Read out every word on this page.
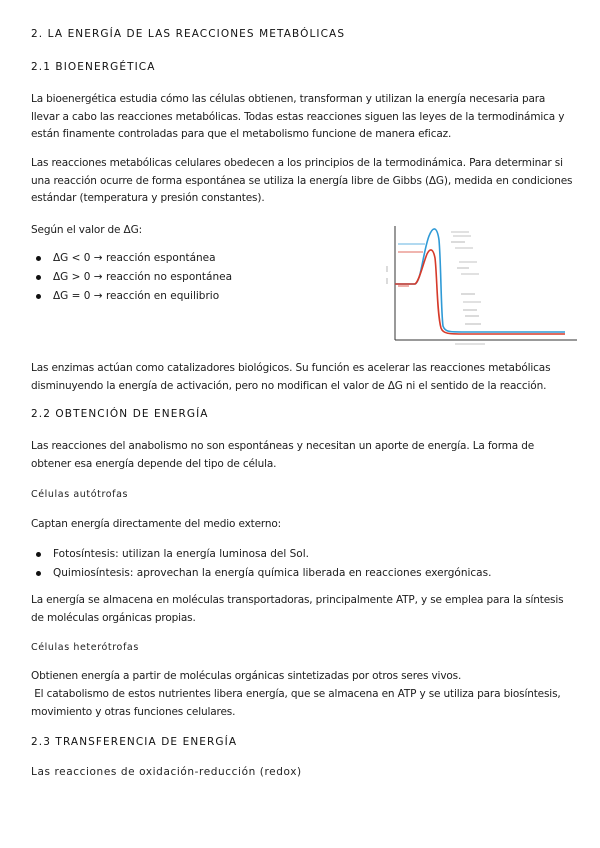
2. LA ENERGÍA DE LAS REACCIONES METABÓLICAS
2.1 BIOENERGÉTICA

La bioenergética estudia cómo las células obtienen, transforman y utilizan la energía necesaria para llevar a cabo las reacciones metabólicas. Todas estas reacciones siguen las leyes de la termodinámica y están finamente controladas para que el metabolismo funcione de manera eficaz.

Las reacciones metabólicas celulares obedecen a los principios de la termodinámica. Para determinar si una reacción ocurre de forma espontánea se utiliza la energía libre de Gibbs (ΔG), medida en condiciones estándar (temperatura y presión constantes).

Según el valor de ΔG:

ΔG < 0 → reacción espontánea
ΔG > 0 → reacción no espontánea
ΔG = 0 → reacción en equilibrio

Las enzimas actúan como catalizadores biológicos. Su función es acelerar las reacciones metabólicas disminuyendo la energía de activación, pero no modifican el valor de ΔG ni el sentido de la reacción.

2.2 OBTENCIÓN DE ENERGÍA

Las reacciones del anabolismo no son espontáneas y necesitan un aporte de energía. La forma de obtener esa energía depende del tipo de célula.

Células autótrofas

Captan energía directamente del medio externo:

Fotosíntesis: utilizan la energía luminosa del Sol.
Quimiosíntesis: aprovechan la energía química liberada en reacciones exergónicas.

La energía se almacena en moléculas transportadoras, principalmente ATP, y se emplea para la síntesis de moléculas orgánicas propias.

Células heterótrofas

Obtienen energía a partir de moléculas orgánicas sintetizadas por otros seres vivos.

El catabolismo de estos nutrientes libera energía, que se almacena en ATP y se utiliza para biosíntesis, movimiento y otras funciones celulares.

2.3 TRANSFERENCIA DE ENERGÍA
Las reacciones de oxidación-reducción (redox)
